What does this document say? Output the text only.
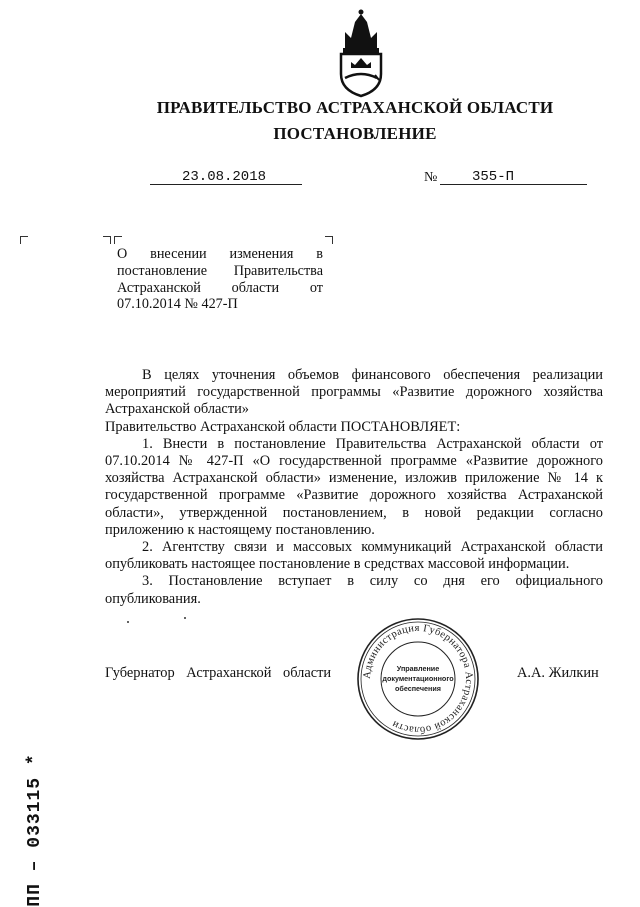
ПРАВИТЕЛЬСТВО АСТРАХАНСКОЙ ОБЛАСТИ
ПОСТАНОВЛЕНИЕ
23.08.2018	№ 355-П
О внесении изменения в
постановление Правительства
Астраханской области от
07.10.2014 № 427-П

В целях уточнения объемов финансового обеспечения реализации мероприятий государственной программы «Развитие дорожного хозяйства Астраханской области»

Правительство Астраханской области ПОСТАНОВЛЯЕТ:

1. Внести в постановление Правительства Астраханской области от 07.10.2014 № 427-П «О государственной программе «Развитие дорожного хозяйства Астраханской области» изменение, изложив приложение № 14 к государственной программе «Развитие дорожного хозяйства Астраханской области», утвержденной постановлением, в новой редакции согласно приложению к настоящему постановлению.

2. Агентству связи и массовых коммуникаций Астраханской области опубликовать настоящее постановление в средствах массовой информации.

3. Постановление вступает в силу со дня его официального опубликования.

Губернатор Астраханской области	А.А. Жилкин
Администрация Губернатора Астраханской области
Управление
документационного
обеспечения
ПП – 033115 *
